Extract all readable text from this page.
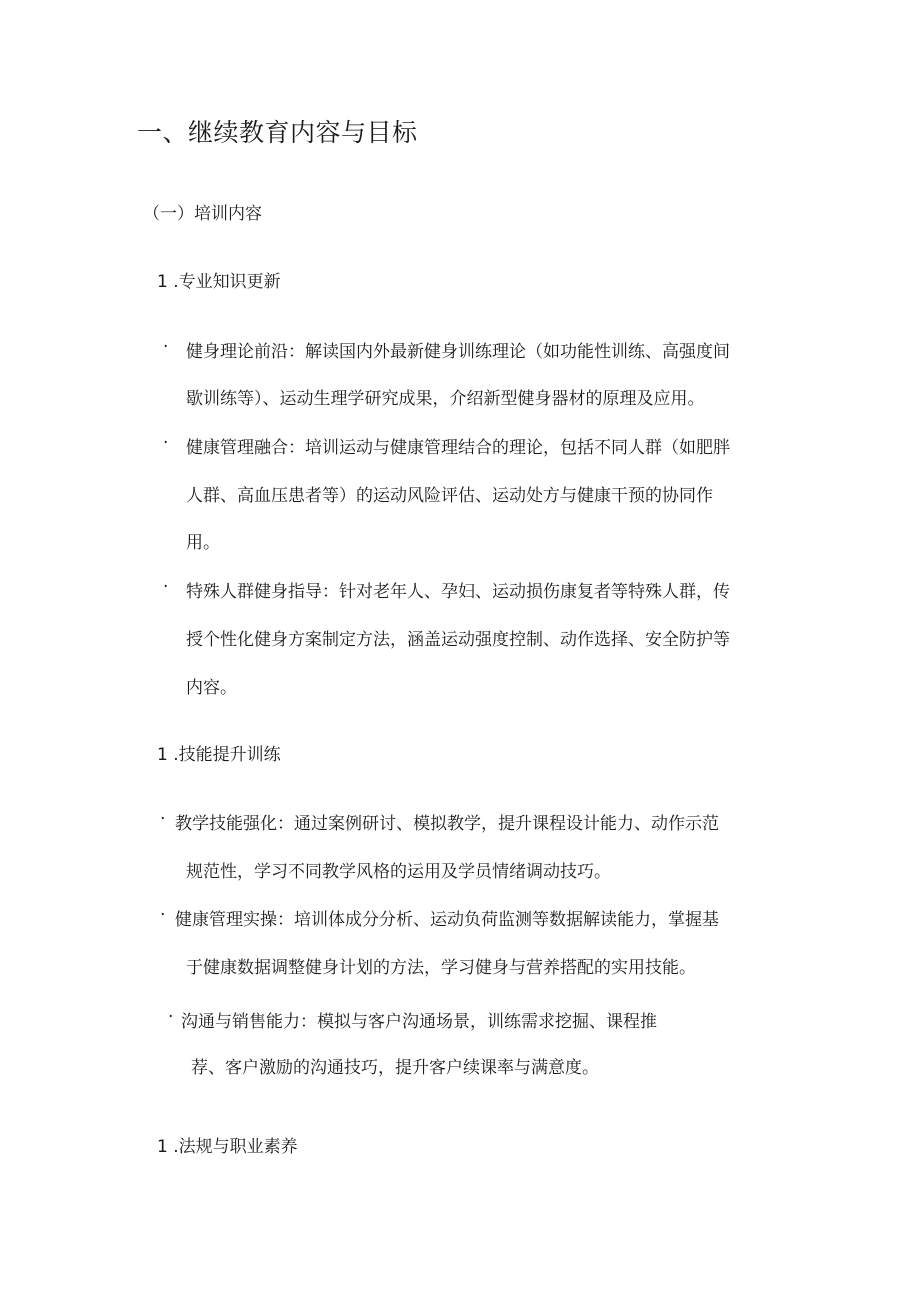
一、继续教育内容与目标
（一）培训内容
1 .专业知识更新
· 健身理论前沿：解读国内外最新健身训练理论（如功能性训练、高强度间
歇训练等）、运动生理学研究成果，介绍新型健身器材的原理及应用。
· 健康管理融合：培训运动与健康管理结合的理论，包括不同人群（如肥胖
人群、高血压患者等）的运动风险评估、运动处方与健康干预的协同作
用。
· 特殊人群健身指导：针对老年人、孕妇、运动损伤康复者等特殊人群，传
授个性化健身方案制定方法，涵盖运动强度控制、动作选择、安全防护等
内容。
1 .技能提升训练
· 教学技能强化：通过案例研讨、模拟教学，提升课程设计能力、动作示范
规范性，学习不同教学风格的运用及学员情绪调动技巧。
· 健康管理实操：培训体成分分析、运动负荷监测等数据解读能力，掌握基
于健康数据调整健身计划的方法，学习健身与营养搭配的实用技能。
· 沟通与销售能力：模拟与客户沟通场景，训练需求挖掘、课程推
荐、客户激励的沟通技巧，提升客户续课率与满意度。
1 .法规与职业素养
